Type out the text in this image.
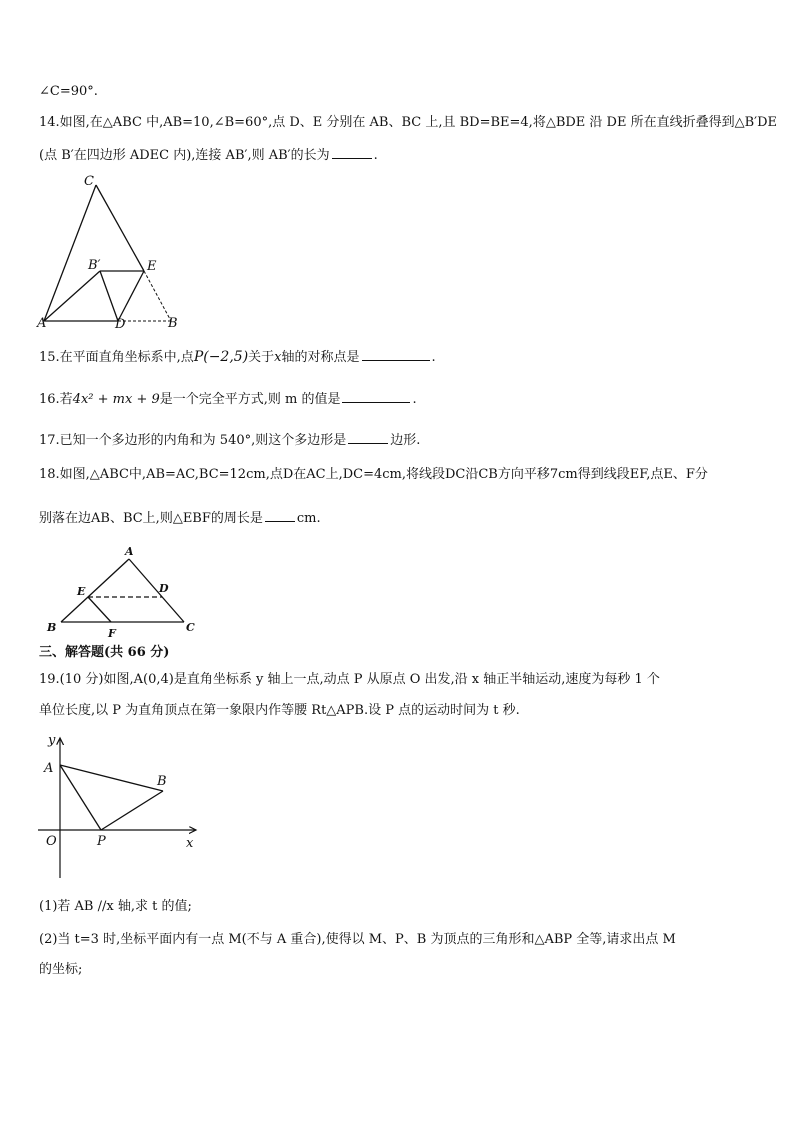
∠C=90°.
14.如图,在△ABC 中,AB=10,∠B=60°,点 D、E 分别在 AB、BC 上,且 BD=BE=4,将△BDE 沿 DE 所在直线折叠得到△B′DE
(点 B′在四边形 ADEC 内),连接 AB′,则 AB′的长为	.
C
B′	E
A	D	B
15.在平面直角坐标系中,点P(−2,5)关于x轴的对称点是	.
16.若4x² + mx + 9是一个完全平方式,则 m 的值是	.
17.已知一个多边形的内角和为 540°,则这个多边形是	边形.
18.如图,△ABC中,AB=AC,BC=12cm,点D在AC上,DC=4cm,将线段DC沿CB方向平移7cm得到线段EF,点E、F分
别落在边AB、BC上,则△EBF的周长是	cm.
A
E	D
B	F	C
三、解答题(共 66 分)
19.(10 分)如图,A(0,4)是直角坐标系 y 轴上一点,动点 P 从原点 O 出发,沿 x 轴正半轴运动,速度为每秒 1 个
单位长度,以 P 为直角顶点在第一象限内作等腰 Rt△APB.设 P 点的运动时间为 t 秒.
y
A
B
O	P	x
(1)若 AB //x 轴,求 t 的值;
(2)当 t=3 时,坐标平面内有一点 M(不与 A 重合),使得以 M、P、B 为顶点的三角形和△ABP 全等,请求出点 M
的坐标;
